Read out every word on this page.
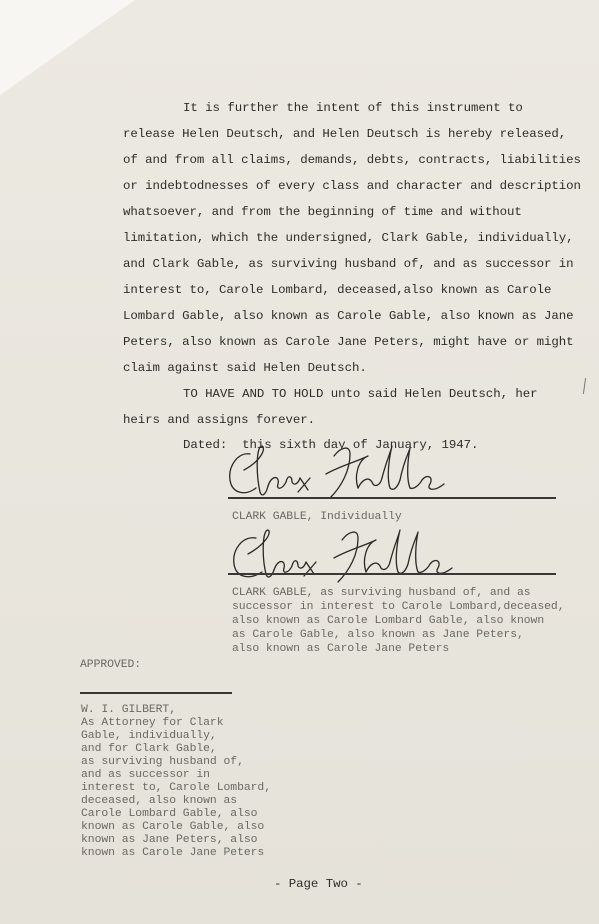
It is further the intent of this instrument to
release Helen Deutsch, and Helen Deutsch is hereby released,
of and from all claims, demands, debts, contracts, liabilities
or indebtodnesses of every class and character and description
whatsoever, and from the beginning of time and without
limitation, which the undersigned, Clark Gable, individually,
and Clark Gable, as surviving husband of, and as successor in
interest to, Carole Lombard, deceased,also known as Carole
Lombard Gable, also known as Carole Gable, also known as Jane
Peters, also known as Carole Jane Peters, might have or might
claim against said Helen Deutsch.
TO HAVE AND TO HOLD unto said Helen Deutsch, her
heirs and assigns forever.
Dated:  this sixth day of January, 1947.
CLARK GABLE, Individually
CLARK GABLE, as surviving husband of, and as
successor in interest to Carole Lombard,deceased,
also known as Carole Lombard Gable, also known
as Carole Gable, also known as Jane Peters,
also known as Carole Jane Peters
APPROVED:
W. I. GILBERT,
As Attorney for Clark
Gable, individually,
and for Clark Gable,
as surviving husband of,
and as successor in
interest to, Carole Lombard,
deceased, also known as
Carole Lombard Gable, also
known as Carole Gable, also
known as Jane Peters, also
known as Carole Jane Peters
- Page Two -
